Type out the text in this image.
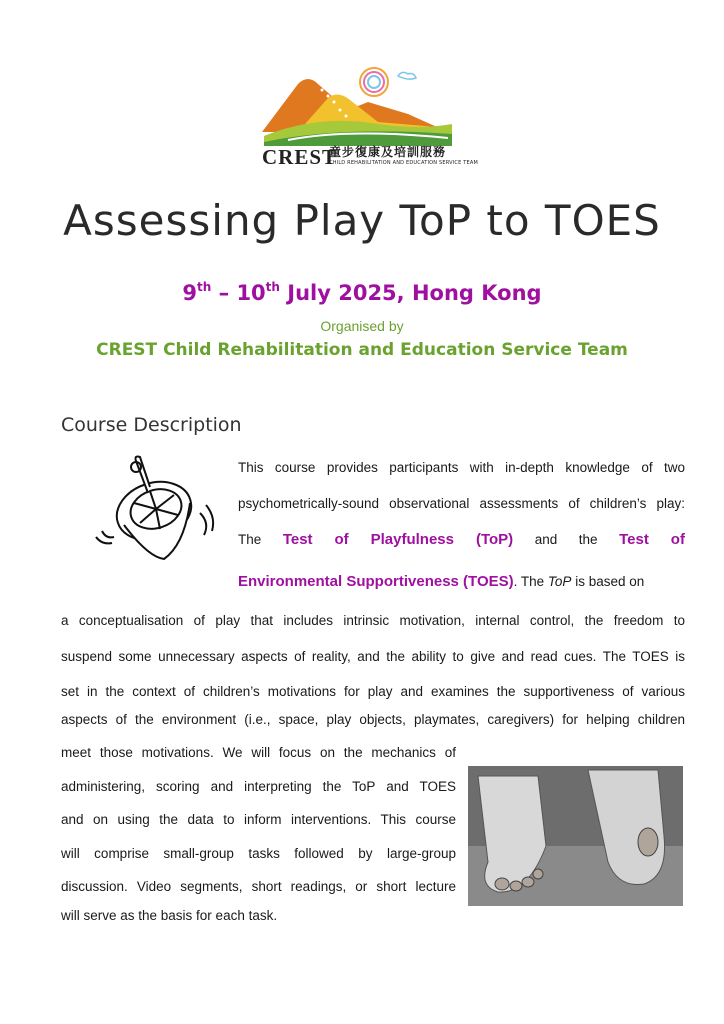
CREST
童步復康及培訓服務
CHILD REHABILITATION AND EDUCATION SERVICE TEAM
Assessing Play ToP to TOES
9th – 10th July 2025, Hong Kong
Organised by
CREST Child Rehabilitation and Education Service Team
Course Description
This course provides participants with in-depth knowledge of two
psychometrically-sound observational assessments of children’s play:
The Test of Playfulness (ToP) and the Test of
Environmental Supportiveness (TOES). The ToP is based on
a conceptualisation of play that includes intrinsic motivation, internal control, the freedom to
suspend some unnecessary aspects of reality, and the ability to give and read cues. The TOES is
set in the context of children’s motivations for play and examines the supportiveness of various
aspects of the environment (i.e., space, play objects, playmates, caregivers) for helping children
meet those motivations. We will focus on the mechanics of
administering, scoring and interpreting the ToP and TOES
and on using the data to inform interventions. This course
will comprise small-group tasks followed by large-group
discussion. Video segments, short readings, or short lecture
will serve as the basis for each task.
